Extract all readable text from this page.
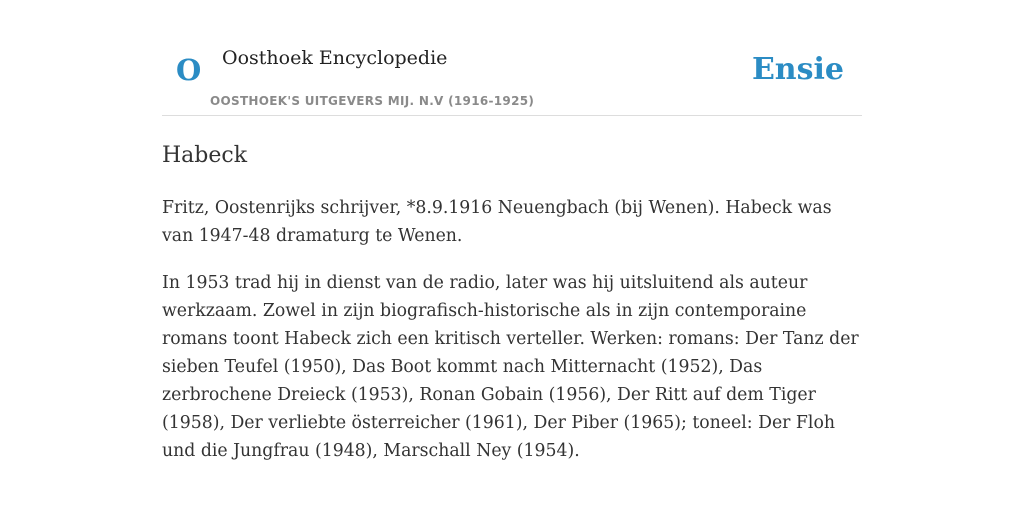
O Oosthoek Encyclopedie
OOSTHOEK'S UITGEVERS MIJ. N.V (1916-1925)
Ensie
Habeck

Fritz, Oostenrijks schrijver, *8.9.1916 Neuengbach (bij Wenen). Habeck was van 1947-48 dramaturg te Wenen.

In 1953 trad hij in dienst van de radio, later was hij uitsluitend als auteur werkzaam. Zowel in zijn biografisch-historische als in zijn contemporaine romans toont Habeck zich een kritisch verteller. Werken: romans: Der Tanz der sieben Teufel (1950), Das Boot kommt nach Mitternacht (1952), Das zerbrochene Dreieck (1953), Ronan Gobain (1956), Der Ritt auf dem Tiger (1958), Der verliebte österreicher (1961), Der Piber (1965); toneel: Der Floh und die Jungfrau (1948), Marschall Ney (1954).
